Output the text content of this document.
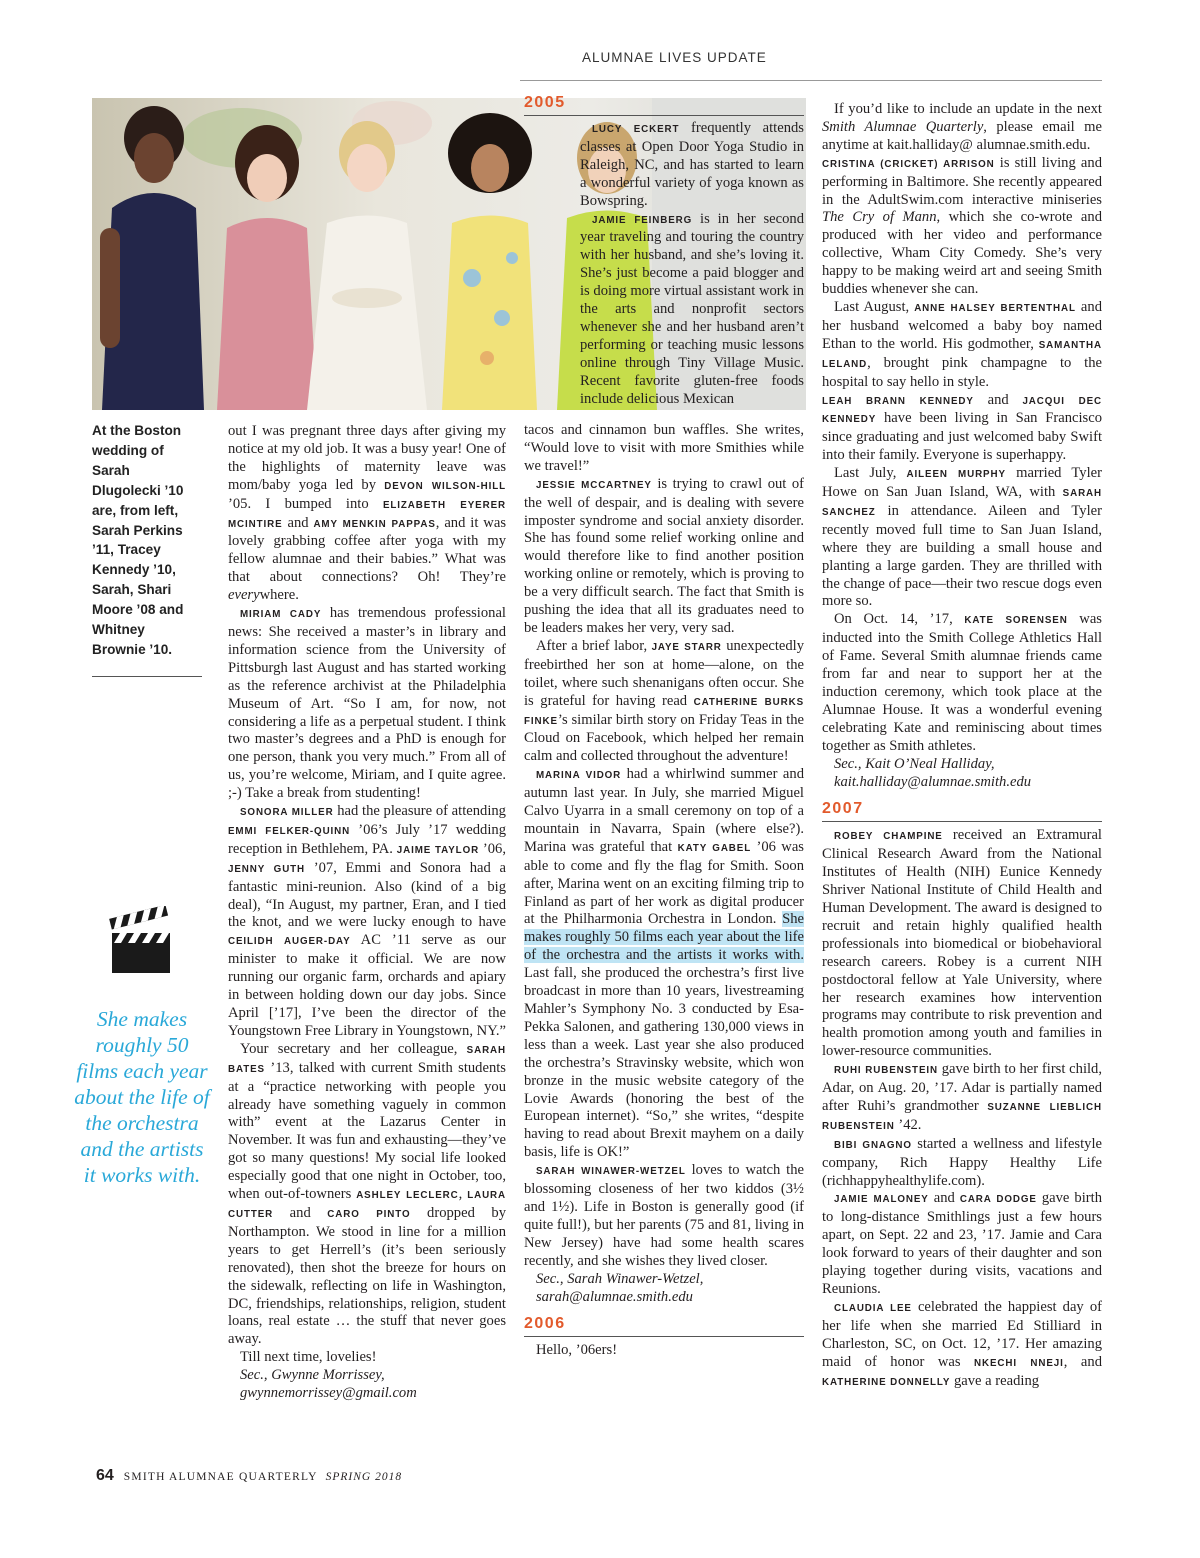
ALUMNAE LIVES UPDATE
At the Boston wedding of Sarah Dlugolecki ’10 are, from left, Sarah Perkins ’11, Tracey Kennedy ’10, Sarah, Shari Moore ’08 and Whitney Brownie ’10.
She makes roughly 50 films each year about the life of the orchestra and the artists it works with.

out I was pregnant three days after giving my notice at my old job. It was a busy year! One of the highlights of maternity leave was mom/baby yoga led by DEVON WILSON-HILL ’05. I bumped into ELIZABETH EYERER MCINTIRE and AMY MENKIN PAPPAS, and it was lovely grabbing coffee after yoga with my fellow alumnae and their babies.” What was that about connections? Oh! They’re everywhere.

MIRIAM CADY has tremendous professional news: She received a master’s in library and information science from the University of Pittsburgh last August and has started working as the reference archivist at the Philadelphia Museum of Art. “So I am, for now, not considering a life as a perpetual student. I think two master’s degrees and a PhD is enough for one person, thank you very much.” From all of us, you’re welcome, Miriam, and I quite agree. ;-) Take a break from studenting!

SONORA MILLER had the pleasure of attending EMMI FELKER-QUINN ’06’s July ’17 wedding reception in Bethlehem, PA. JAIME TAYLOR ’06, JENNY GUTH ’07, Emmi and Sonora had a fantastic mini-reunion. Also (kind of a big deal), “In August, my partner, Eran, and I tied the knot, and we were lucky enough to have CEILIDH AUGER-DAY AC ’11 serve as our minister to make it official. We are now running our organic farm, orchards and apiary in between holding down our day jobs. Since April [’17], I’ve been the director of the Youngstown Free Library in Youngstown, NY.”

Your secretary and her colleague, SARAH BATES ’13, talked with current Smith students at a “practice networking with people you already have something vaguely in common with” event at the Lazarus Center in November. It was fun and exhausting—they’ve got so many questions! My social life looked especially good that one night in October, too, when out-of-towners ASHLEY LECLERC, LAURA CUTTER and CARO PINTO dropped by Northampton. We stood in line for a million years to get Herrell’s (it’s been seriously renovated), then shot the breeze for hours on the sidewalk, reflecting on life in Washington, DC, friendships, relationships, religion, student loans, real estate … the stuff that never goes away.

Till next time, lovelies!

Sec., Gwynne Morrissey,

gwynnemorrissey@gmail.com

2005

LUCY ECKERT frequently attends classes at Open Door Yoga Studio in Raleigh, NC, and has started to learn a wonderful variety of yoga known as Bowspring.

JAMIE FEINBERG is in her second year traveling and touring the country with her husband, and she’s loving it. She’s just become a paid blogger and is doing more virtual assistant work in the arts and nonprofit sectors whenever she and her husband aren’t performing or teaching music lessons online through Tiny Village Music. Recent favorite gluten-free foods include delicious Mexican

tacos and cinnamon bun waffles. She writes, “Would love to visit with more Smithies while we travel!”

JESSIE MCCARTNEY is trying to crawl out of the well of despair, and is dealing with severe imposter syndrome and social anxiety disorder. She has found some relief working online and would therefore like to find another position working online or remotely, which is proving to be a very difficult search. The fact that Smith is pushing the idea that all its graduates need to be leaders makes her very, very sad.

After a brief labor, JAYE STARR unexpectedly freebirthed her son at home—alone, on the toilet, where such shenanigans often occur. She is grateful for having read CATHERINE BURKS FINKE’s similar birth story on Friday Teas in the Cloud on Facebook, which helped her remain calm and collected throughout the adventure!

MARINA VIDOR had a whirlwind summer and autumn last year. In July, she married Miguel Calvo Uyarra in a small ceremony on top of a mountain in Navarra, Spain (where else?). Marina was grateful that KATY GABEL ’06 was able to come and fly the flag for Smith. Soon after, Marina went on an exciting filming trip to Finland as part of her work as digital producer at the Philharmonia Orchestra in London. She makes roughly 50 films each year about the life of the orchestra and the artists it works with. Last fall, she produced the orchestra’s first live broadcast in more than 10 years, livestreaming Mahler’s Symphony No. 3 conducted by Esa-Pekka Salonen, and gathering 130,000 views in less than a week. Last year she also produced the orchestra’s Stravinsky website, which won bronze in the music website category of the Lovie Awards (honoring the best of the European internet). “So,” she writes, “despite having to read about Brexit mayhem on a daily basis, life is OK!”

SARAH WINAWER-WETZEL loves to watch the blossoming closeness of her two kiddos (3½ and 1½). Life in Boston is generally good (if quite full!), but her parents (75 and 81, living in New Jersey) have had some health scares recently, and she wishes they lived closer.

Sec., Sarah Winawer-Wetzel,

sarah@alumnae.smith.edu

2006

Hello, ’06ers!

If you’d like to include an update in the next Smith Alumnae Quarterly, please email me anytime at kait.halliday@ alumnae.smith.edu.

CRISTINA (CRICKET) ARRISON is still living and performing in Baltimore. She recently appeared in the AdultSwim.com interactive miniseries The Cry of Mann, which she co-wrote and produced with her video and performance collective, Wham City Comedy. She’s very happy to be making weird art and seeing Smith buddies whenever she can.

Last August, ANNE HALSEY BERTENTHAL and her husband welcomed a baby boy named Ethan to the world. His godmother, SAMANTHA LELAND, brought pink champagne to the hospital to say hello in style.

LEAH BRANN KENNEDY and JACQUI DEC KENNEDY have been living in San Francisco since graduating and just welcomed baby Swift into their family. Everyone is superhappy.

Last July, AILEEN MURPHY married Tyler Howe on San Juan Island, WA, with SARAH SANCHEZ in attendance. Aileen and Tyler recently moved full time to San Juan Island, where they are building a small house and planting a large garden. They are thrilled with the change of pace—their two rescue dogs even more so.

On Oct. 14, ’17, KATE SORENSEN was inducted into the Smith College Athletics Hall of Fame. Several Smith alumnae friends came from far and near to support her at the induction ceremony, which took place at the Alumnae House. It was a wonderful evening celebrating Kate and reminiscing about times together as Smith athletes.

Sec., Kait O’Neal Halliday,

kait.halliday@alumnae.smith.edu

2007

ROBEY CHAMPINE received an Extramural Clinical Research Award from the National Institutes of Health (NIH) Eunice Kennedy Shriver National Institute of Child Health and Human Development. The award is designed to recruit and retain highly qualified health professionals into biomedical or biobehavioral research careers. Robey is a current NIH postdoctoral fellow at Yale University, where her research examines how intervention programs may contribute to risk prevention and health promotion among youth and families in lower-resource communities.

RUHI RUBENSTEIN gave birth to her first child, Adar, on Aug. 20, ’17. Adar is partially named after Ruhi’s grandmother SUZANNE LIEBLICH RUBENSTEIN ’42.

BIBI GNAGNO started a wellness and lifestyle company, Rich Happy Healthy Life (richhappyhealthylife.com).

JAMIE MALONEY and CARA DODGE gave birth to long-distance Smithlings just a few hours apart, on Sept. 22 and 23, ’17. Jamie and Cara look forward to years of their daughter and son playing together during visits, vacations and Reunions.

CLAUDIA LEE celebrated the happiest day of her life when she married Ed Stilliard in Charleston, SC, on Oct. 12, ’17. Her amazing maid of honor was NKECHI NNEJI, and KATHERINE DONNELLY gave a reading

64 SMITH ALUMNAE QUARTERLY SPRING 2018
